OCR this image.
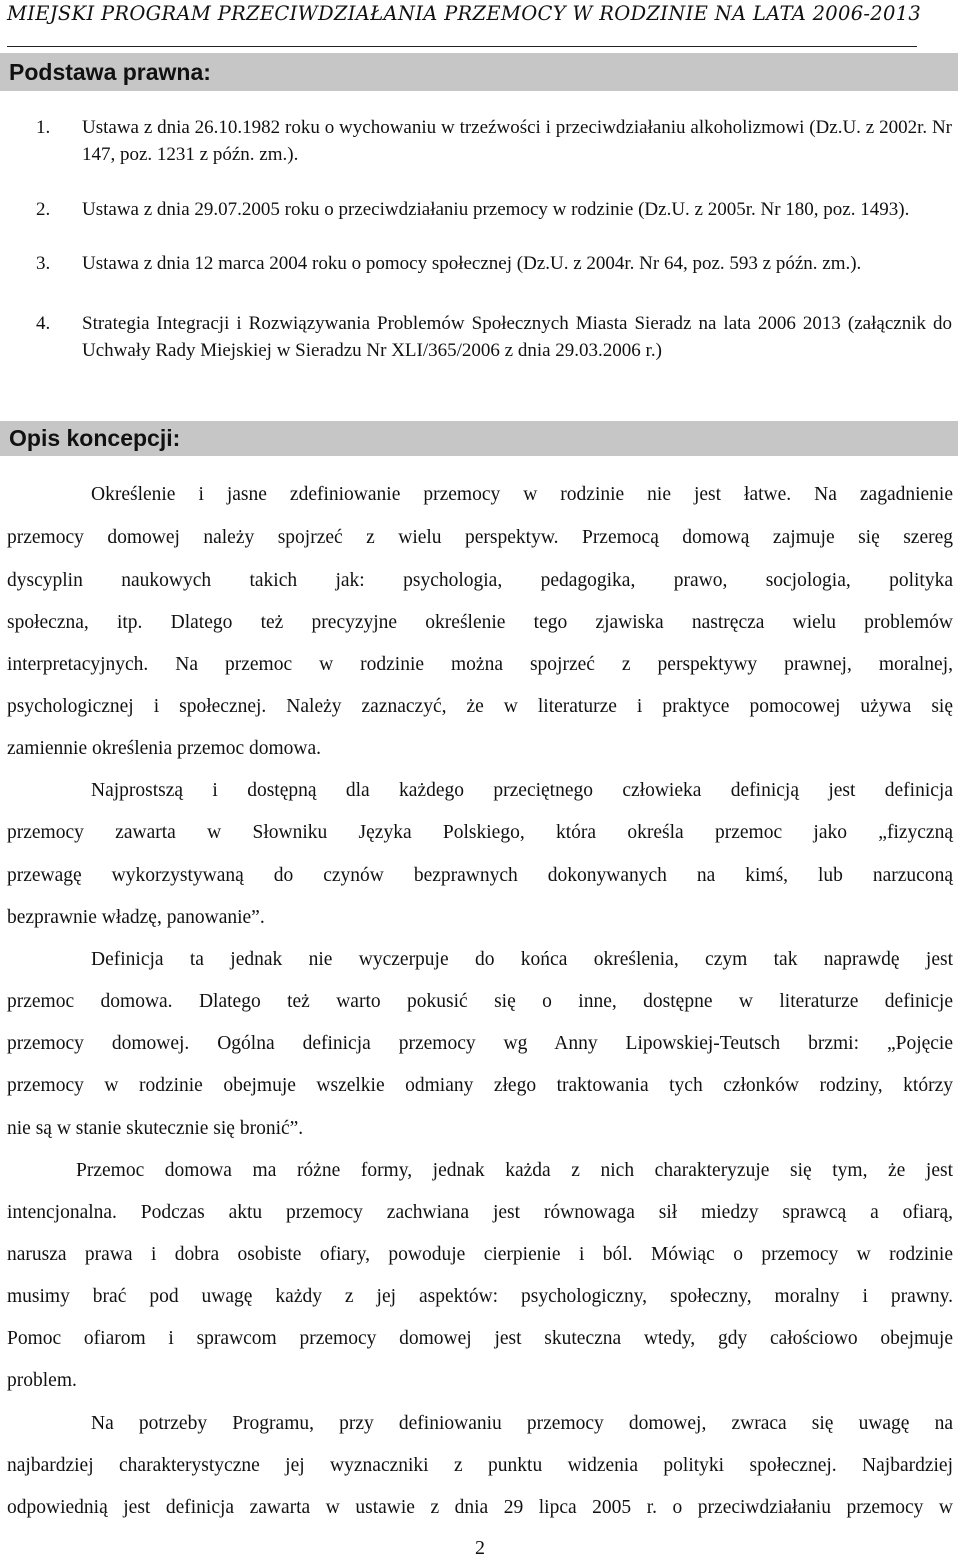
MIEJSKI PROGRAM PRZECIWDZIAŁANIA PRZEMOCY W RODZINIE NA LATA 2006-2013
Podstawa prawna:
1. Ustawa z dnia 26.10.1982 roku o wychowaniu w trzeźwości i przeciwdziałaniu alkoholizmowi (Dz.U. z 2002r. Nr 147, poz. 1231 z późn. zm.).
2. Ustawa z dnia 29.07.2005 roku o przeciwdziałaniu przemocy w rodzinie (Dz.U. z 2005r. Nr 180, poz. 1493).
3. Ustawa z dnia 12 marca 2004 roku o pomocy społecznej (Dz.U. z 2004r. Nr 64, poz. 593 z późn. zm.).
4. Strategia Integracji i Rozwiązywania Problemów Społecznych Miasta Sieradz na lata 2006 2013 (załącznik do Uchwały Rady Miejskiej w Sieradzu Nr XLI/365/2006 z dnia 29.03.2006 r.)
Opis koncepcji:
Określenie i jasne zdefiniowanie przemocy w rodzinie nie jest łatwe. Na zagadnienie
przemocy domowej należy spojrzeć z wielu perspektyw. Przemocą domową zajmuje się szereg
dyscyplin naukowych takich jak: psychologia, pedagogika, prawo, socjologia, polityka
społeczna, itp. Dlatego też precyzyjne określenie tego zjawiska nastręcza wielu problemów
interpretacyjnych. Na przemoc w rodzinie można spojrzeć z perspektywy prawnej, moralnej,
psychologicznej i społecznej. Należy zaznaczyć, że w literaturze i praktyce pomocowej używa się
zamiennie określenia przemoc domowa.
Najprostszą i dostępną dla każdego przeciętnego człowieka definicją jest definicja
przemocy zawarta w Słowniku Języka Polskiego, która określa przemoc jako „fizyczną
przewagę wykorzystywaną do czynów bezprawnych dokonywanych na kimś, lub narzuconą
bezprawnie władzę, panowanie”.
Definicja ta jednak nie wyczerpuje do końca określenia, czym tak naprawdę jest
przemoc domowa. Dlatego też warto pokusić się o inne, dostępne w literaturze definicje
przemocy domowej. Ogólna definicja przemocy wg Anny Lipowskiej-Teutsch brzmi: „Pojęcie
przemocy w rodzinie obejmuje wszelkie odmiany złego traktowania tych członków rodziny, którzy
nie są w stanie skutecznie się bronić”.
Przemoc domowa ma różne formy, jednak każda z nich charakteryzuje się tym, że jest
intencjonalna. Podczas aktu przemocy zachwiana jest równowaga sił miedzy sprawcą a ofiarą,
narusza prawa i dobra osobiste ofiary, powoduje cierpienie i ból. Mówiąc o przemocy w rodzinie
musimy brać pod uwagę każdy z jej aspektów: psychologiczny, społeczny, moralny i prawny.
Pomoc ofiarom i sprawcom przemocy domowej jest skuteczna wtedy, gdy całościowo obejmuje
problem.
Na potrzeby Programu, przy definiowaniu przemocy domowej, zwraca się uwagę na
najbardziej charakterystyczne jej wyznaczniki z punktu widzenia polityki społecznej. Najbardziej
odpowiednią jest definicja zawarta w ustawie z dnia 29 lipca 2005 r. o przeciwdziałaniu przemocy w
2
